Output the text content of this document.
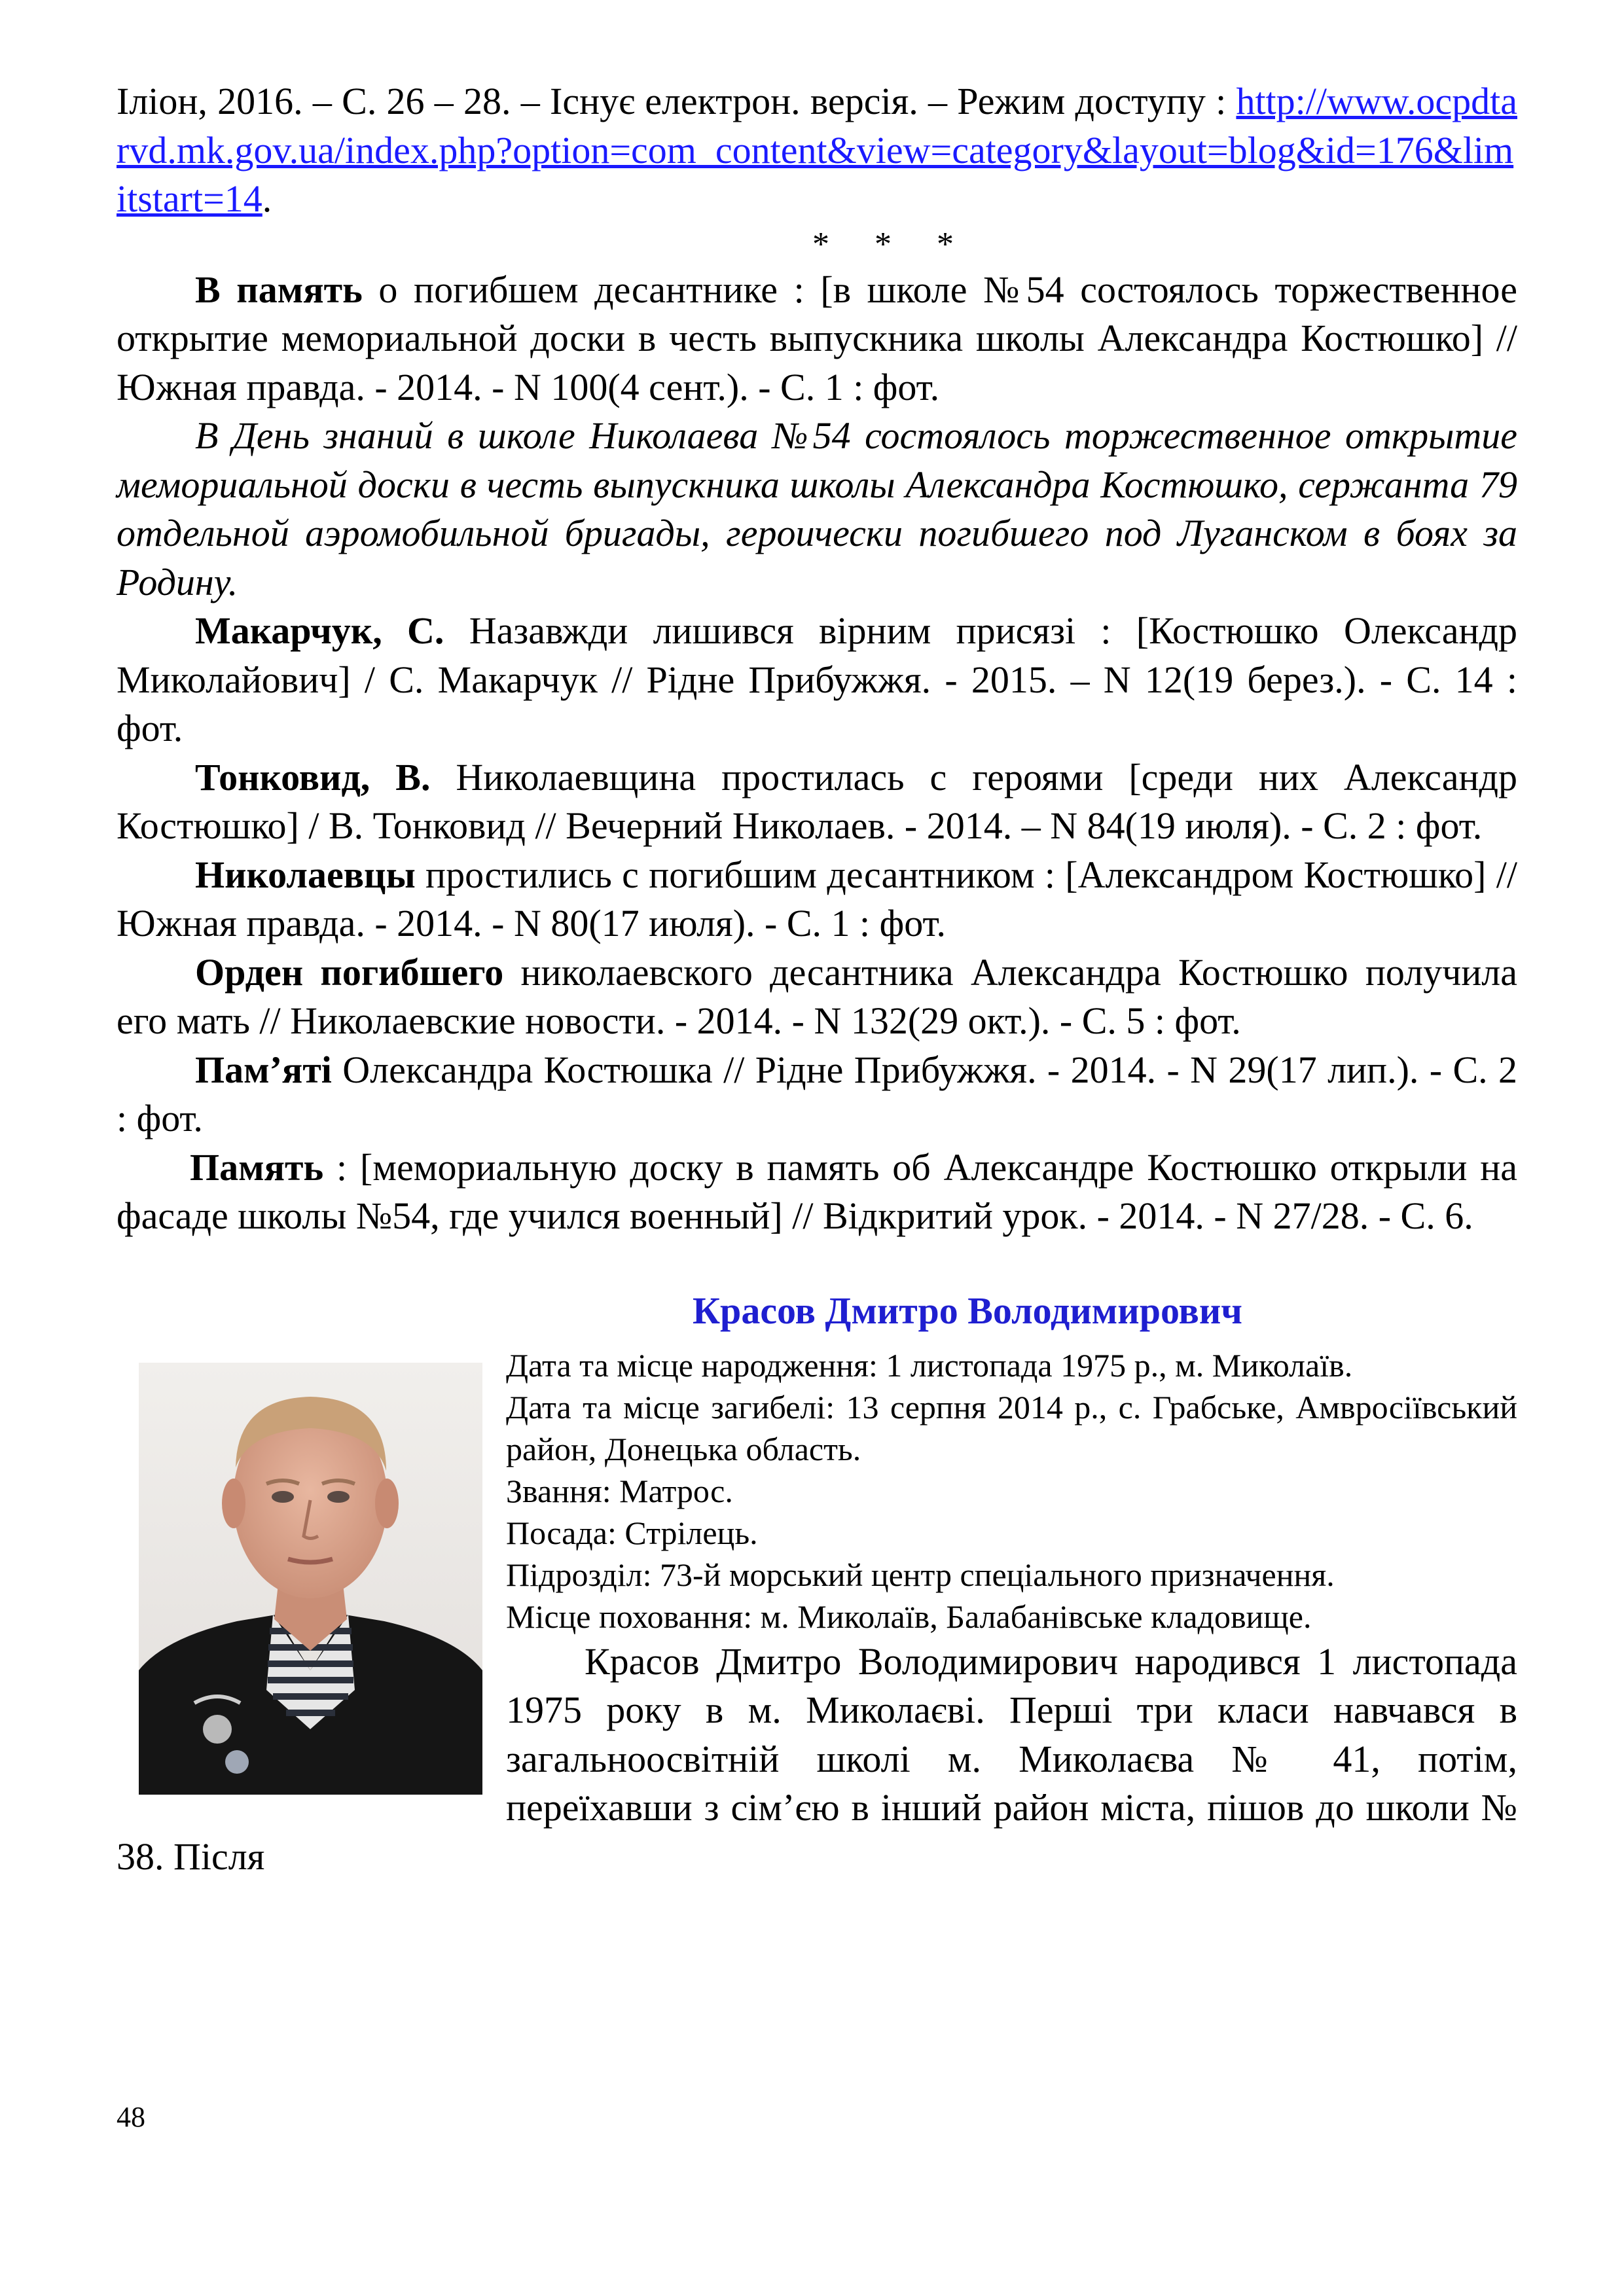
Іліон, 2016. – С. 26 – 28. – Існує електрон. версія. – Режим доступу : http://www.ocpdtarvd.mk.gov.ua/index.php?option=com_content&view=category&layout=blog&id=176&limitstart=14.

* * *

В память о погибшем десантнике : [в школе №54 состоялось торжественное открытие мемориальной доски в честь выпускника школы Александра Костюшко] // Южная правда. - 2014. - N 100(4 сент.). - С. 1 : фот.

В День знаний в школе Николаева №54 состоялось торжественное открытие мемориальной доски в честь выпускника школы Александра Костюшко, сержанта 79 отдельной аэромобильной бригады, героически погибшего под Луганском в боях за Родину.

Макарчук, С. Назавжди лишився вірним присязі : [Костюшко Олександр Миколайович] / С. Макарчук // Рідне Прибужжя. - 2015. – N 12(19 берез.). - С. 14 : фот.

Тонковид, В. Николаевщина простилась с героями [среди них Александр Костюшко] / В. Тонковид // Вечерний Николаев. - 2014. – N 84(19 июля). - С. 2 : фот.

Николаевцы простились с погибшим десантником : [Александром Костюшко] // Южная правда. - 2014. - N 80(17 июля). - С. 1 : фот.

Орден погибшего николаевского десантника Александра Костюшко получила его мать // Николаевские новости. - 2014. - N 132(29 окт.). - С. 5 : фот.

Пам’яті Олександра Костюшка // Рідне Прибужжя. - 2014. - N 29(17 лип.). - С. 2 : фот.

Память : [мемориальную доску в память об Александре Костюшко открыли на фасаде школы №54, где учился военный] // Відкритий урок. - 2014. - N 27/28. - С. 6.

Красов Дмитро Володимирович

Дата та місце народження: 1 листопада 1975 р., м. Миколаїв.

Дата та місце загибелі: 13 серпня 2014 р., с. Грабське, Амвросіївський район, Донецька область.

Звання: Матрос.

Посада: Стрілець.

Підрозділ: 73-й морський центр спеціального призначення.

Місце поховання: м. Миколаїв, Балабанівське кладовище.

Красов Дмитро Володимирович народився 1 листопада 1975 року в м. Миколаєві. Перші три класи навчався в загальноосвітній школі м. Миколаєва № 41, потім, переїхавши з сім’єю в інший район міста, пішов до школи № 38. Після

48
